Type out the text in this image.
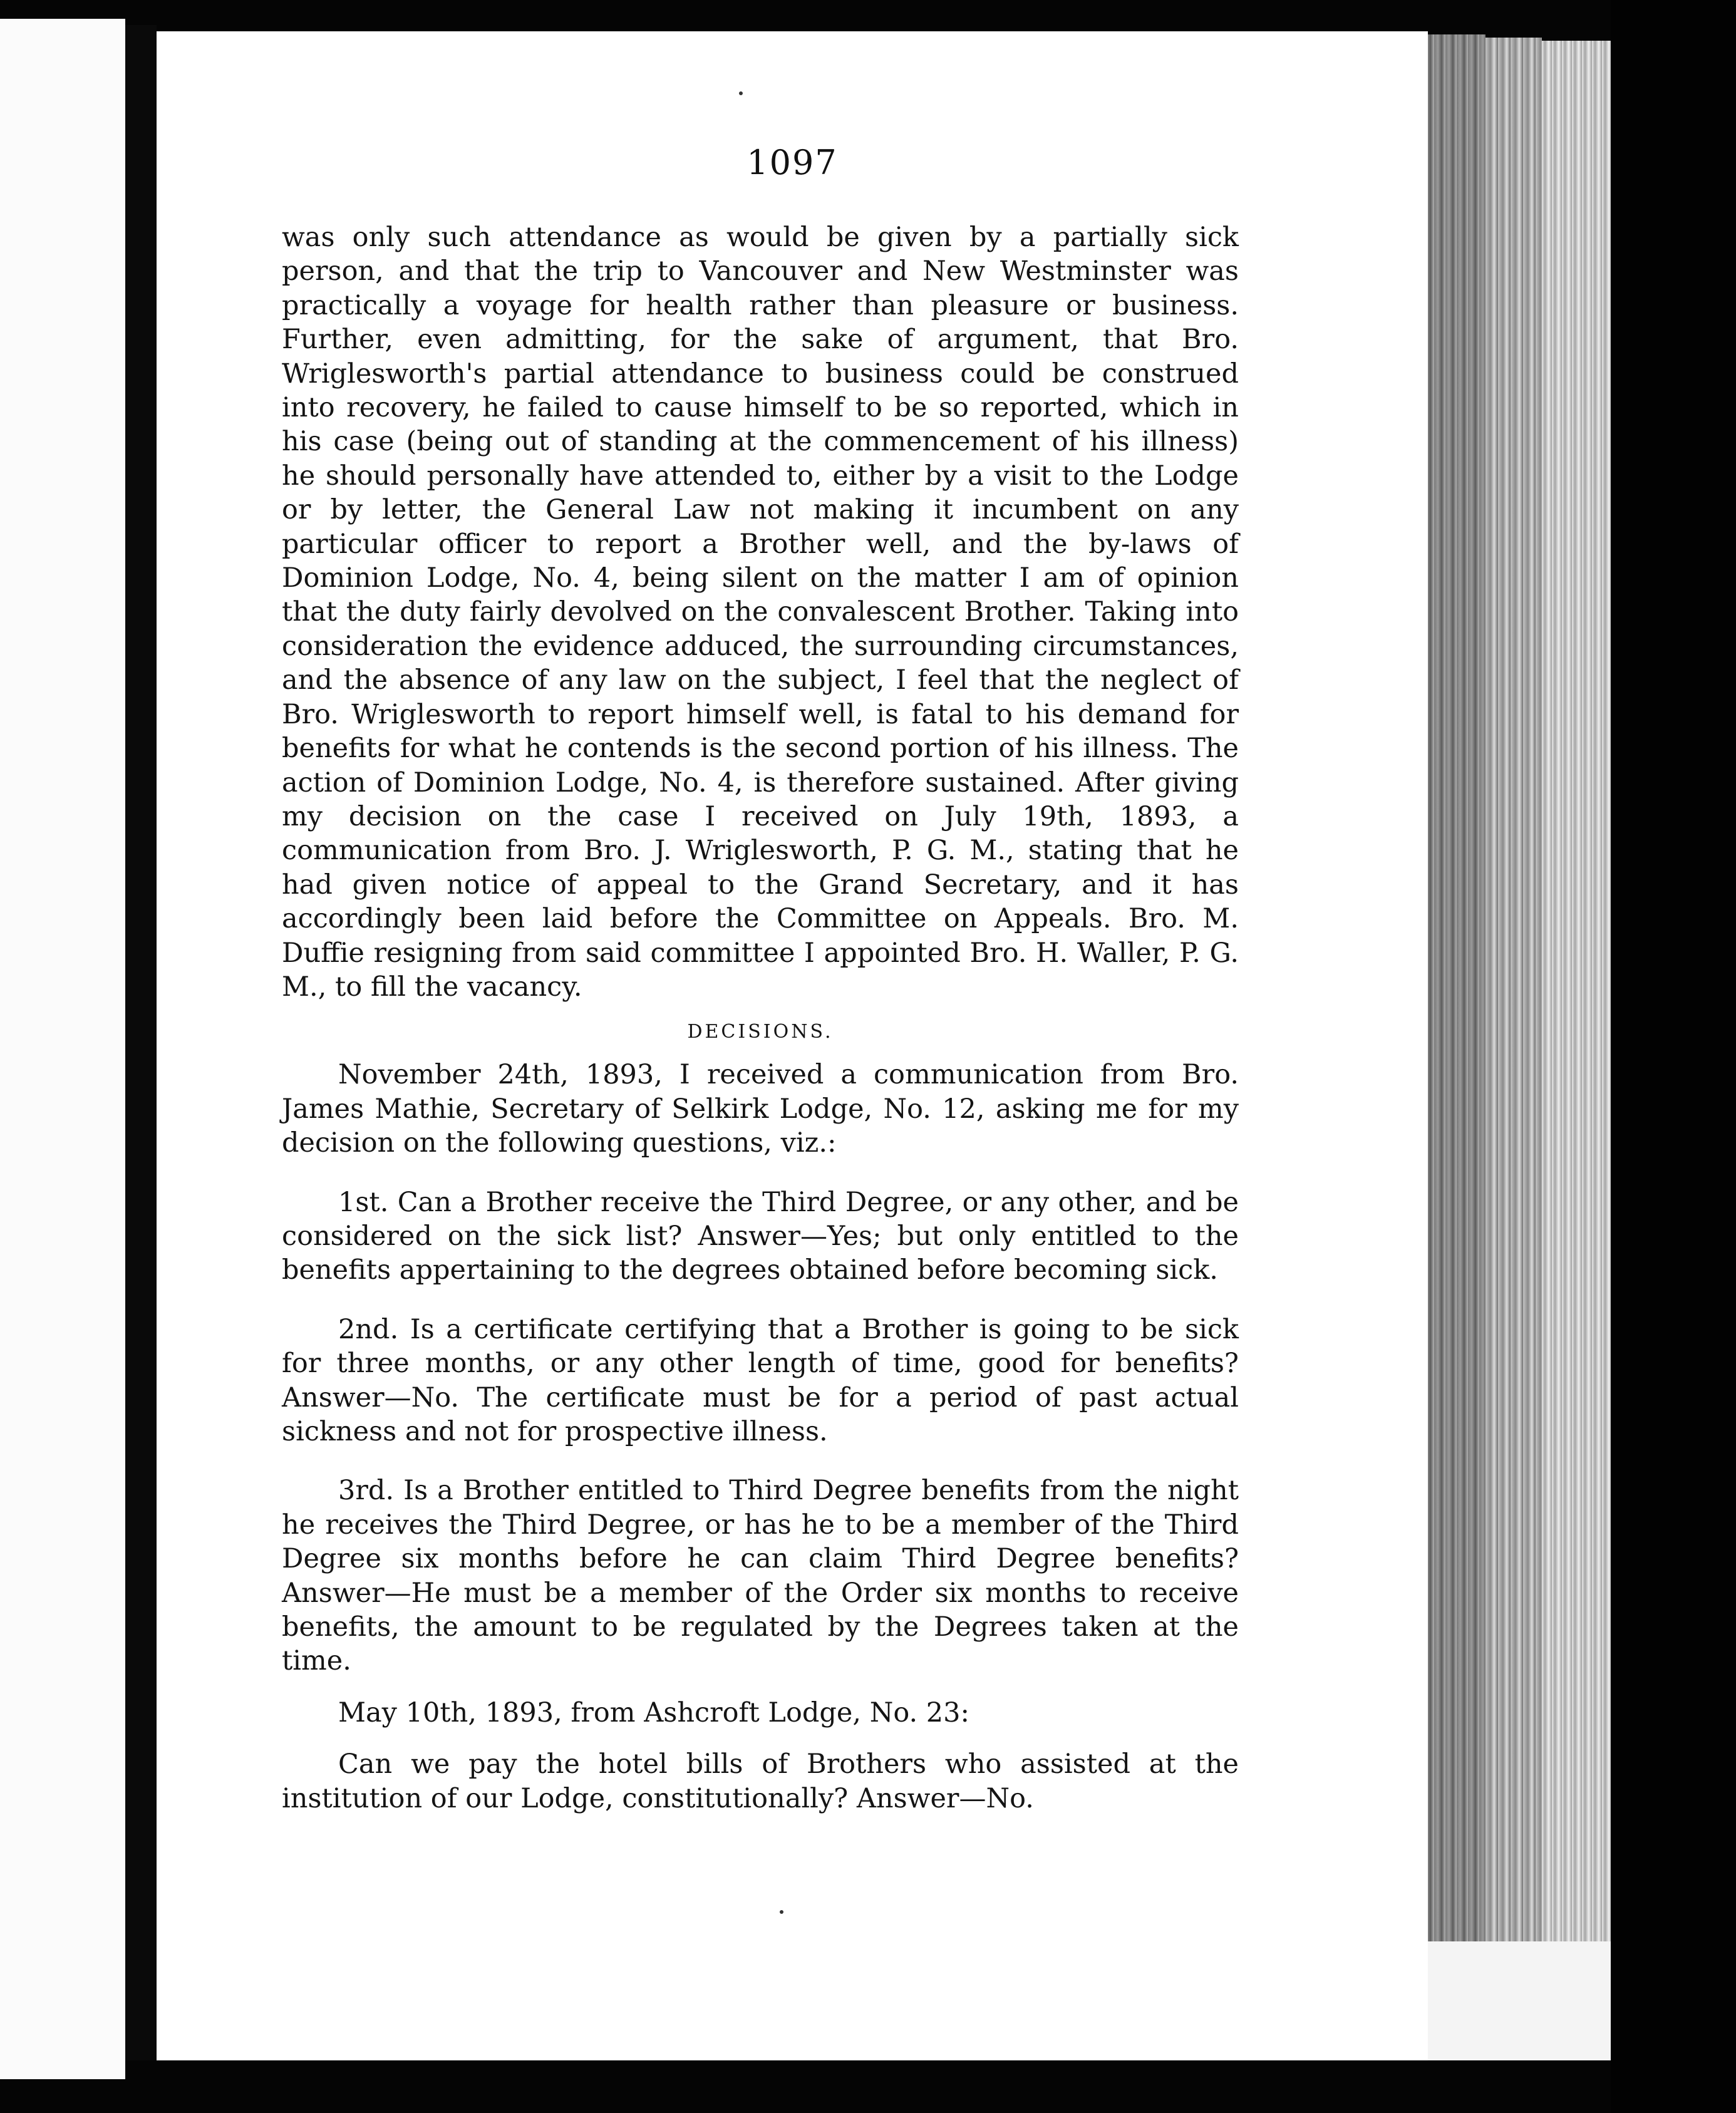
1097

was only such attendance as would be given by a partially sick person, and that the trip to Vancouver and New Westminster was practically a voyage for health rather than pleasure or business. Further, even admitting, for the sake of argument, that Bro. Wriglesworth's partial attendance to business could be construed into recovery, he failed to cause himself to be so reported, which in his case (being out of standing at the commencement of his illness) he should personally have attended to, either by a visit to the Lodge or by letter, the General Law not making it incumbent on any particular officer to report a Brother well, and the by-laws of Dominion Lodge, No. 4, being silent on the matter I am of opinion that the duty fairly devolved on the convalescent Brother. Taking into consideration the evidence adduced, the surrounding circumstances, and the absence of any law on the subject, I feel that the neglect of Bro. Wriglesworth to report himself well, is fatal to his demand for benefits for what he contends is the second portion of his illness. The action of Dominion Lodge, No. 4, is therefore sustained. After giving my decision on the case I received on July 19th, 1893, a communication from Bro. J. Wriglesworth, P. G. M., stating that he had given notice of appeal to the Grand Secretary, and it has accordingly been laid before the Committee on Appeals. Bro. M. Duffie resigning from said committee I appointed Bro. H. Waller, P. G. M., to fill the vacancy.

DECISIONS.

November 24th, 1893, I received a communication from Bro. James Mathie, Secretary of Selkirk Lodge, No. 12, asking me for my decision on the following questions, viz.:

1st. Can a Brother receive the Third Degree, or any other, and be considered on the sick list? Answer—Yes; but only entitled to the benefits appertaining to the degrees obtained before becoming sick.

2nd. Is a certificate certifying that a Brother is going to be sick for three months, or any other length of time, good for benefits? Answer—No. The certificate must be for a period of past actual sickness and not for prospective illness.

3rd. Is a Brother entitled to Third Degree benefits from the night he receives the Third Degree, or has he to be a member of the Third Degree six months before he can claim Third Degree benefits? Answer—He must be a member of the Order six months to receive benefits, the amount to be regulated by the Degrees taken at the time.

May 10th, 1893, from Ashcroft Lodge, No. 23:

Can we pay the hotel bills of Brothers who assisted at the institution of our Lodge, constitutionally? Answer—No.
